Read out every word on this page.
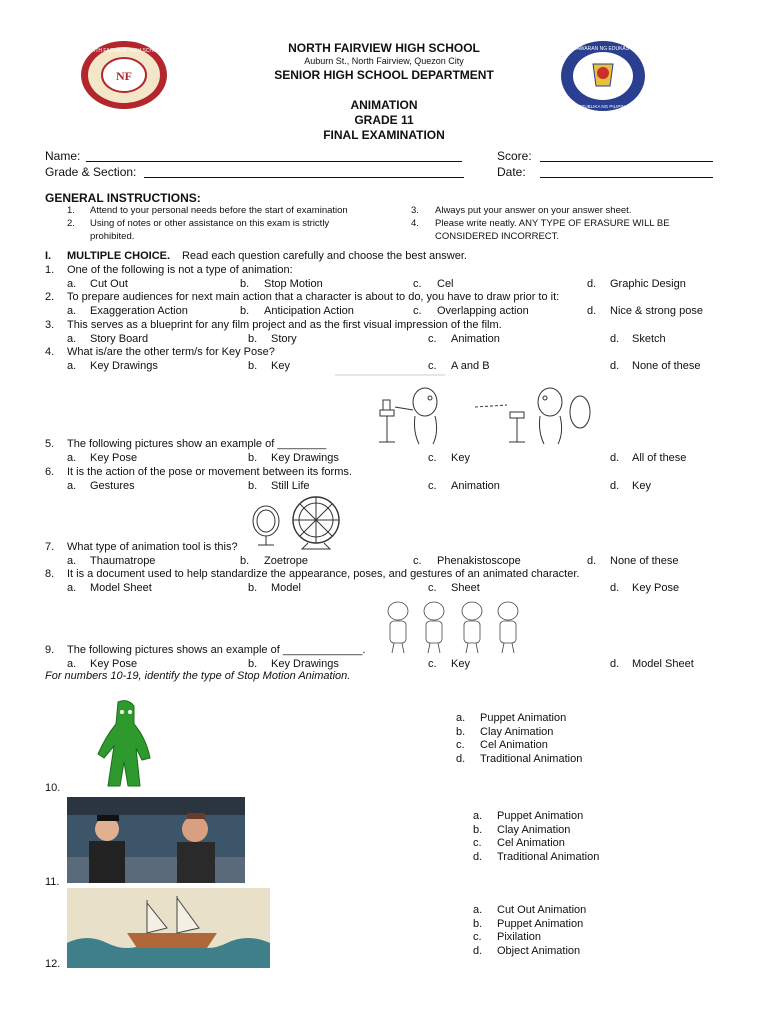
NF
NORTH FAIRVIEW HIGH SCHOOL	KAGAWARAN NG EDUKASYON
REPUBLIKA NG PILIPINAS
NORTH FAIRVIEW HIGH SCHOOL
Auburn St., North Fairview, Quezon City
SENIOR HIGH SCHOOL DEPARTMENT
ANIMATION
GRADE 11
FINAL EXAMINATION
Name:
Grade & Section:
Score:
Date:
GENERAL INSTRUCTIONS:
1. Attend to your personal needs before the start of examination
2. Using of notes or other assistance on this exam is strictly
prohibited.
3. Always put your answer on your answer sheet.
4. Please write neatly. ANY TYPE OF ERASURE WILL BE
CONSIDERED INCORRECT.
I. MULTIPLE CHOICE. Read each question carefully and choose the best answer.
1. One of the following is not a type of animation:
a. Cut Out	b. Stop Motion	c. Cel	d. Graphic Design
2. To prepare audiences for next main action that a character is about to do, you have to draw prior to it:
a. Exaggeration Action	b. Anticipation Action	c. Overlapping action	d. Nice & strong pose
3. This serves as a blueprint for any film project and as the first visual impression of the film.
a. Story Board	b. Story	c. Animation	d. Sketch
4. What is/are the other term/s for Key Pose?
a. Key Drawings	b. Key	c. A and B	d. None of these
5. The following pictures show an example of ________
a. Key Pose	b. Key Drawings	c. Key	d. All of these
6. It is the action of the pose or movement between its forms.
a. Gestures	b. Still Life	c. Animation	d. Key
7. What type of animation tool is this?
a. Thaumatrope	b. Zoetrope	c. Phenakistoscope	d. None of these
8. It is a document used to help standardize the appearance, poses, and gestures of an animated character.
a. Model Sheet	b. Model	c. Sheet	d. Key Pose
9. The following pictures shows an example of _____________.
a. Key Pose	b. Key Drawings	c. Key	d. Model Sheet
For numbers 10-19, identify the type of Stop Motion Animation.
10.
a. Puppet Animation
b. Clay Animation
c. Cel Animation
d. Traditional Animation
11.
a. Puppet Animation
b. Clay Animation
c. Cel Animation
d. Traditional Animation
12.
a. Cut Out Animation
b. Puppet Animation
c. Pixilation
d. Object Animation
